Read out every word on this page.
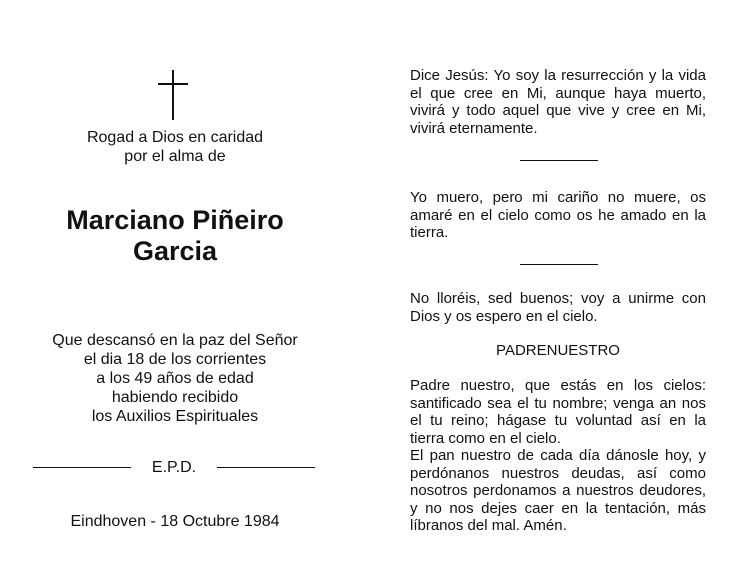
Rogad a Dios en caridad
por el alma de
Marciano Piñeiro
Garcia
Que descansó en la paz del Señor
el dia 18 de los corrientes
a los 49 años de edad
habiendo recibido
los Auxilios Espirituales
E.P.D.
Eindhoven - 18 Octubre 1984
Dice Jesús: Yo soy la resurrección y la vida el que cree en Mi, aunque haya muerto, vivirá y todo aquel que vive y cree en Mi, vivirá eternamente.
Yo muero, pero mi cariño no muere, os amaré en el cielo como os he amado en la tierra.
No lloréis, sed buenos; voy a unirme con Dios y os espero en el cielo.
PADRENUESTRO
Padre nuestro, que estás en los cielos: santificado sea el tu nombre; venga an nos el tu reino; hágase tu voluntad así en la tierra como en el cielo.
El pan nuestro de cada día dánosle hoy, y perdónanos nuestros deudas, así como nosotros perdonamos a nuestros deudores, y no nos dejes caer en la tentación, más líbranos del mal. Amén.
